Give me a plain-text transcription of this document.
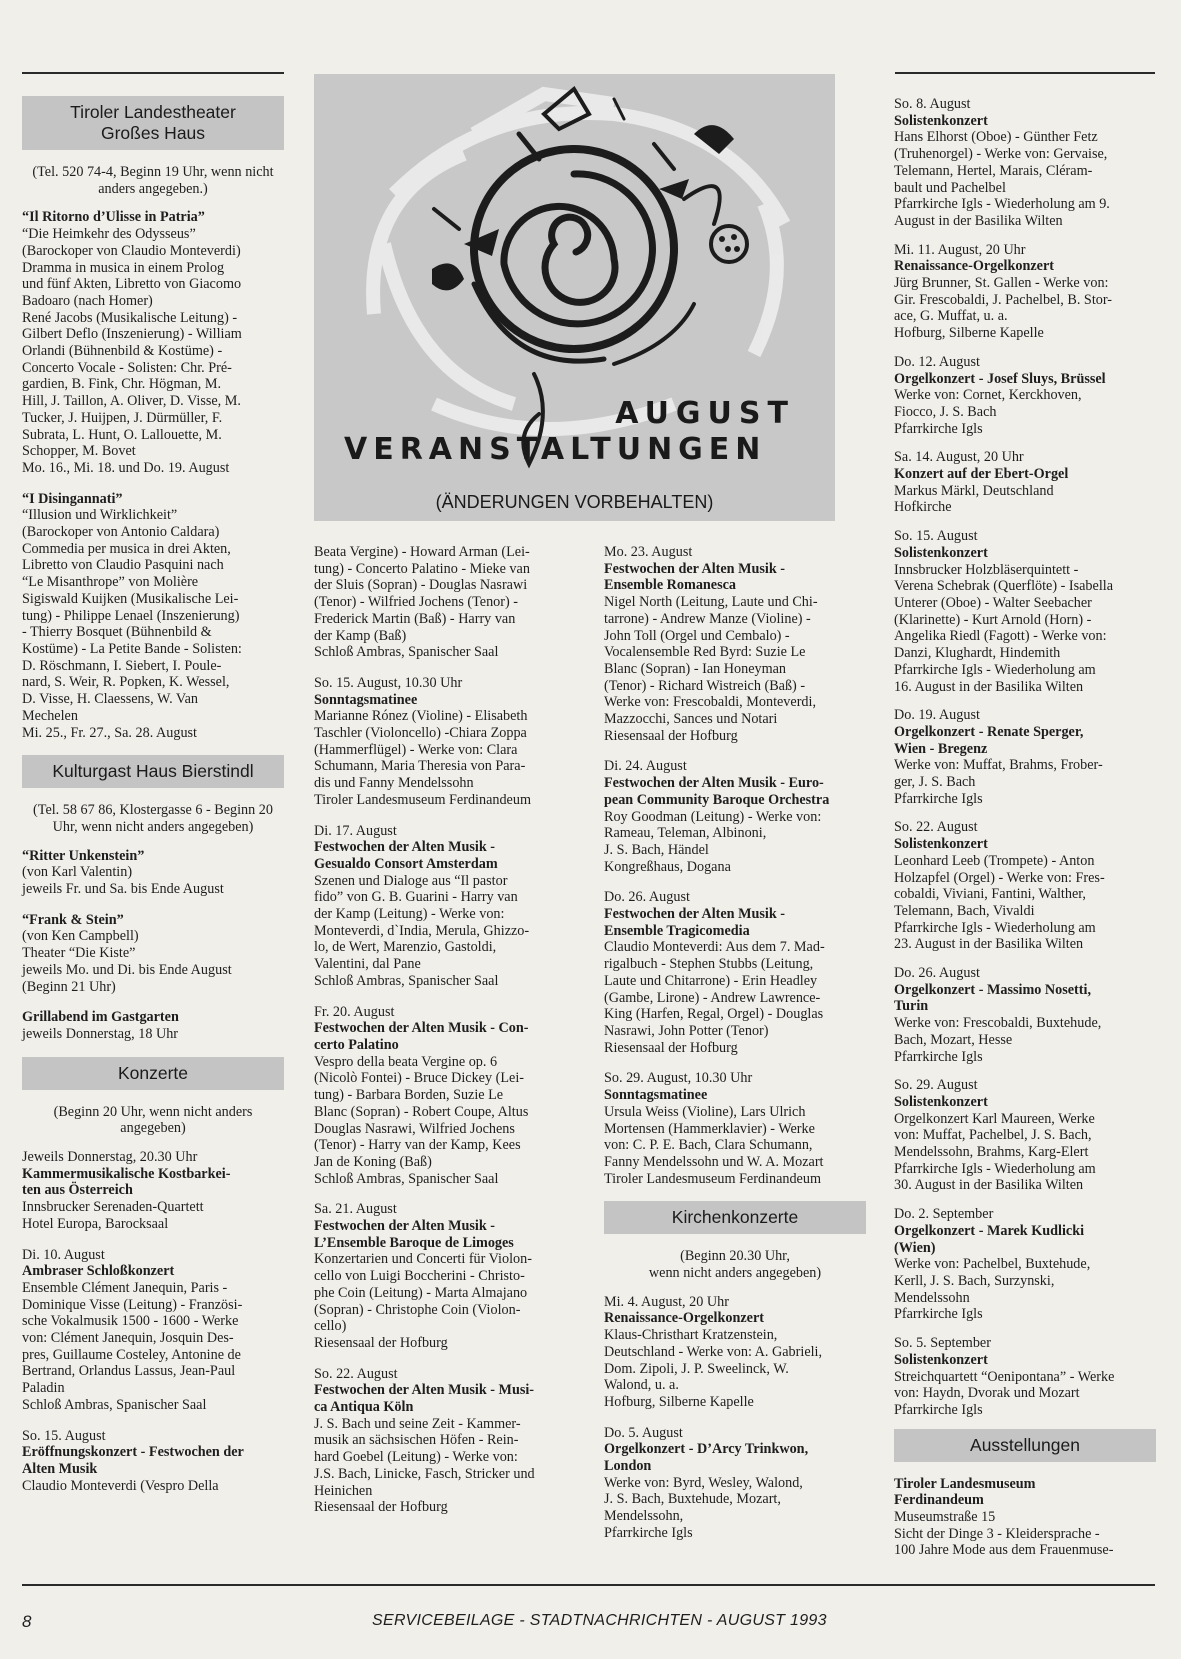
AUGUST
VERANSTALTUNGEN
(ÄNDERUNGEN VORBEHALTEN)
Tiroler Landestheater
Großes Haus

(Tel. 520 74-4, Beginn 19 Uhr, wenn nicht anders angegeben.)

“Il Ritorno d’Ulisse in Patria”
“Die Heimkehr des Odysseus”
(Barockoper von Claudio Monteverdi)
Dramma in musica in einem Prolog
und fünf Akten, Libretto von Giacomo
Badoaro (nach Homer)
René Jacobs (Musikalische Leitung) -
Gilbert Deflo (Inszenierung) - William
Orlandi (Bühnenbild & Kostüme) -
Concerto Vocale - Solisten: Chr. Pré-
gardien, B. Fink, Chr. Högman, M.
Hill, J. Taillon, A. Oliver, D. Visse, M.
Tucker, J. Huijpen, J. Dürmüller, F.
Subrata, L. Hunt, O. Lallouette, M.
Schopper, M. Bovet
Mo. 16., Mi. 18. und Do. 19. August
“I Disingannati”
“Illusion und Wirklichkeit”
(Barockoper von Antonio Caldara)
Commedia per musica in drei Akten,
Libretto von Claudio Pasquini nach
“Le Misanthrope” von Molière
Sigiswald Kuijken (Musikalische Lei-
tung) - Philippe Lenael (Inszenierung)
- Thierry Bosquet (Bühnenbild &
Kostüme) - La Petite Bande - Solisten:
D. Röschmann, I. Siebert, I. Poule-
nard, S. Weir, R. Popken, K. Wessel,
D. Visse, H. Claessens, W. Van
Mechelen
Mi. 25., Fr. 27., Sa. 28. August
Kulturgast Haus Bierstindl

(Tel. 58 67 86, Klostergasse 6 - Beginn 20 Uhr, wenn nicht anders angegeben)

“Ritter Unkenstein”
(von Karl Valentin)
jeweils Fr. und Sa. bis Ende August
“Frank & Stein”
(von Ken Campbell)
Theater “Die Kiste”
jeweils Mo. und Di. bis Ende August
(Beginn 21 Uhr)
Grillabend im Gastgarten
jeweils Donnerstag, 18 Uhr
Konzerte

(Beginn 20 Uhr, wenn nicht anders angegeben)

Jeweils Donnerstag, 20.30 Uhr
Kammermusikalische Kostbarkei-
ten aus Österreich
Innsbrucker Serenaden-Quartett
Hotel Europa, Barocksaal
Di. 10. August
Ambraser Schloßkonzert
Ensemble Clément Janequin, Paris -
Dominique Visse (Leitung) - Französi-
sche Vokalmusik 1500 - 1600 - Werke
von: Clément Janequin, Josquin Des-
pres, Guillaume Costeley, Antonine de
Bertrand, Orlandus Lassus, Jean-Paul
Paladin
Schloß Ambras, Spanischer Saal
So. 15. August
Eröffnungskonzert - Festwochen der
Alten Musik
Claudio Monteverdi (Vespro Della
Beata Vergine) - Howard Arman (Lei-
tung) - Concerto Palatino - Mieke van
der Sluis (Sopran) - Douglas Nasrawi
(Tenor) - Wilfried Jochens (Tenor) -
Frederick Martin (Baß) - Harry van
der Kamp (Baß)
Schloß Ambras, Spanischer Saal
So. 15. August, 10.30 Uhr
Sonntagsmatinee
Marianne Rónez (Violine) - Elisabeth
Taschler (Violoncello) -Chiara Zoppa
(Hammerflügel) - Werke von: Clara
Schumann, Maria Theresia von Para-
dis und Fanny Mendelssohn
Tiroler Landesmuseum Ferdinandeum
Di. 17. August
Festwochen der Alten Musik -
Gesualdo Consort Amsterdam
Szenen und Dialoge aus “Il pastor
fido” von G. B. Guarini - Harry van
der Kamp (Leitung) - Werke von:
Monteverdi, d`India, Merula, Ghizzo-
lo, de Wert, Marenzio, Gastoldi,
Valentini, dal Pane
Schloß Ambras, Spanischer Saal
Fr. 20. August
Festwochen der Alten Musik - Con-
certo Palatino
Vespro della beata Vergine op. 6
(Nicolò Fontei) - Bruce Dickey (Lei-
tung) - Barbara Borden, Suzie Le
Blanc (Sopran) - Robert Coupe, Altus
Douglas Nasrawi, Wilfried Jochens
(Tenor) - Harry van der Kamp, Kees
Jan de Koning (Baß)
Schloß Ambras, Spanischer Saal
Sa. 21. August
Festwochen der Alten Musik -
L’Ensemble Baroque de Limoges
Konzertarien und Concerti für Violon-
cello von Luigi Boccherini - Christo-
phe Coin (Leitung) - Marta Almajano
(Sopran) - Christophe Coin (Violon-
cello)
Riesensaal der Hofburg
So. 22. August
Festwochen der Alten Musik - Musi-
ca Antiqua Köln
J. S. Bach und seine Zeit - Kammer-
musik an sächsischen Höfen - Rein-
hard Goebel (Leitung) - Werke von:
J.S. Bach, Linicke, Fasch, Stricker und
Heinichen
Riesensaal der Hofburg
Mo. 23. August
Festwochen der Alten Musik -
Ensemble Romanesca
Nigel North (Leitung, Laute und Chi-
tarrone) - Andrew Manze (Violine) -
John Toll (Orgel und Cembalo) -
Vocalensemble Red Byrd: Suzie Le
Blanc (Sopran) - Ian Honeyman
(Tenor) - Richard Wistreich (Baß) -
Werke von: Frescobaldi, Monteverdi,
Mazzocchi, Sances und Notari
Riesensaal der Hofburg
Di. 24. August
Festwochen der Alten Musik - Euro-
pean Community Baroque Orchestra
Roy Goodman (Leitung) - Werke von:
Rameau, Teleman, Albinoni,
J. S. Bach, Händel
Kongreßhaus, Dogana
Do. 26. August
Festwochen der Alten Musik -
Ensemble Tragicomedia
Claudio Monteverdi: Aus dem 7. Mad-
rigalbuch - Stephen Stubbs (Leitung,
Laute und Chitarrone) - Erin Headley
(Gambe, Lirone) - Andrew Lawrence-
King (Harfen, Regal, Orgel) - Douglas
Nasrawi, John Potter (Tenor)
Riesensaal der Hofburg
So. 29. August, 10.30 Uhr
Sonntagsmatinee
Ursula Weiss (Violine), Lars Ulrich
Mortensen (Hammerklavier) - Werke
von: C. P. E. Bach, Clara Schumann,
Fanny Mendelssohn und W. A. Mozart
Tiroler Landesmuseum Ferdinandeum
Kirchenkonzerte
(Beginn 20.30 Uhr,
wenn nicht anders angegeben)
Mi. 4. August, 20 Uhr
Renaissance-Orgelkonzert
Klaus-Christhart Kratzenstein,
Deutschland - Werke von: A. Gabrieli,
Dom. Zipoli, J. P. Sweelinck, W.
Walond, u. a.
Hofburg, Silberne Kapelle
Do. 5. August
Orgelkonzert - D’Arcy Trinkwon,
London
Werke von: Byrd, Wesley, Walond,
J. S. Bach, Buxtehude, Mozart,
Mendelssohn,
Pfarrkirche Igls
So. 8. August
Solistenkonzert
Hans Elhorst (Oboe) - Günther Fetz
(Truhenorgel) - Werke von: Gervaise,
Telemann, Hertel, Marais, Cléram-
bault und Pachelbel
Pfarrkirche Igls - Wiederholung am 9.
August in der Basilika Wilten
Mi. 11. August, 20 Uhr
Renaissance-Orgelkonzert
Jürg Brunner, St. Gallen - Werke von:
Gir. Frescobaldi, J. Pachelbel, B. Stor-
ace, G. Muffat, u. a.
Hofburg, Silberne Kapelle
Do. 12. August
Orgelkonzert - Josef Sluys, Brüssel
Werke von: Cornet, Kerckhoven,
Fiocco, J. S. Bach
Pfarrkirche Igls
Sa. 14. August, 20 Uhr
Konzert auf der Ebert-Orgel
Markus Märkl, Deutschland
Hofkirche
So. 15. August
Solistenkonzert
Innsbrucker Holzbläserquintett -
Verena Schebrak (Querflöte) - Isabella
Unterer (Oboe) - Walter Seebacher
(Klarinette) - Kurt Arnold (Horn) -
Angelika Riedl (Fagott) - Werke von:
Danzi, Klughardt, Hindemith
Pfarrkirche Igls - Wiederholung am
16. August in der Basilika Wilten
Do. 19. August
Orgelkonzert - Renate Sperger,
Wien - Bregenz
Werke von: Muffat, Brahms, Frober-
ger, J. S. Bach
Pfarrkirche Igls
So. 22. August
Solistenkonzert
Leonhard Leeb (Trompete) - Anton
Holzapfel (Orgel) - Werke von: Fres-
cobaldi, Viviani, Fantini, Walther,
Telemann, Bach, Vivaldi
Pfarrkirche Igls - Wiederholung am
23. August in der Basilika Wilten
Do. 26. August
Orgelkonzert - Massimo Nosetti,
Turin
Werke von: Frescobaldi, Buxtehude,
Bach, Mozart, Hesse
Pfarrkirche Igls
So. 29. August
Solistenkonzert
Orgelkonzert Karl Maureen, Werke
von: Muffat, Pachelbel, J. S. Bach,
Mendelssohn, Brahms, Karg-Elert
Pfarrkirche Igls - Wiederholung am
30. August in der Basilika Wilten
Do. 2. September
Orgelkonzert - Marek Kudlicki
(Wien)
Werke von: Pachelbel, Buxtehude,
Kerll, J. S. Bach, Surzynski,
Mendelssohn
Pfarrkirche Igls
So. 5. September
Solistenkonzert
Streichquartett “Oenipontana” - Werke
von: Haydn, Dvorak und Mozart
Pfarrkirche Igls
Ausstellungen
Tiroler Landesmuseum
Ferdinandeum
Museumstraße 15
Sicht der Dinge 3 - Kleidersprache -
100 Jahre Mode aus dem Frauenmuse-
8	SERVICEBEILAGE - STADTNACHRICHTEN - AUGUST 1993
